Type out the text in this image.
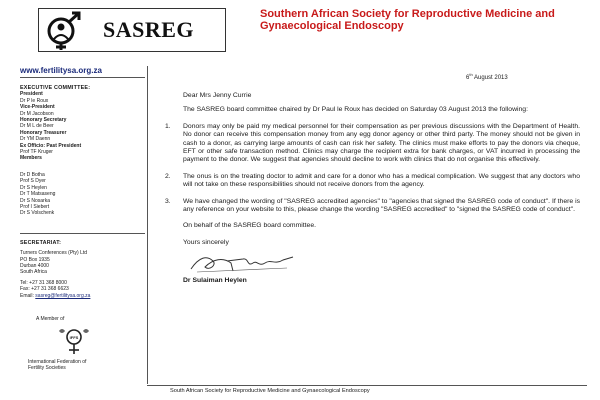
SASREG
Southern African Society for Reproductive Medicine and Gynaecological Endoscopy
www.fertilitysa.org.za
EXECUTIVE COMMITTEE:
President
Dr P le Roux
Vice-President
Dr M Jacobson
Honorary Secretary
Dr M L de Beer
Honorary Treasurer
Dr YM Daenn
Ex Officio: Past President
Prof TF Kruger
Members
Dr D Botha
Prof S Dyer
Dr S Heylen
Dr T Matsaseng
Dr S Nosarka
Prof I Siebert
Dr S Volschenk
SECRETARIAT:
Turners Conferences (Pty) Ltd
PO Box 1935
Durban 4000
South Africa
Tel: +27 31 368 8000
Fax: +27 31 368 6623
Email: sasreg@fertilitysa.org.za
A Member of
IFFS
International Federation of
Fertility Societies
South African Society for Reproductive Medicine and Gynaecological Endoscopy
6th August 2013
Dear Mrs Jenny Currie
The SASREG board committee chaired by Dr Paul le Roux has decided on Saturday 03 August 2013 the following:
1.	Donors may only be paid my medical personnel for their compensation as per previous discussions with the Department of Health. No donor can receive this compensation money from any egg donor agency or other third party. The money should not be given in cash to a donor, as carrying large amounts of cash can risk her safety. The clinics must make efforts to pay the donors via cheque, EFT or other safe transaction method. Clinics may charge the recipient extra for bank charges, or VAT incurred in processing the payment to the donor. We suggest that agencies should decline to work with clinics that do not organise this effectively.
2.	The onus is on the treating doctor to admit and care for a donor who has a medical complication. We suggest that any doctors who will not take on these responsibilities should not receive donors from the agency.
3.	We have changed the wording of "SASREG accredited agencies" to "agencies that signed the SASREG code of conduct". If there is any reference on your website to this, please change the wording "SASREG accredited" to "signed the SASREG code of conduct".
On behalf of the SASREG board committee.
Yours sincerely
Dr Sulaiman Heylen
